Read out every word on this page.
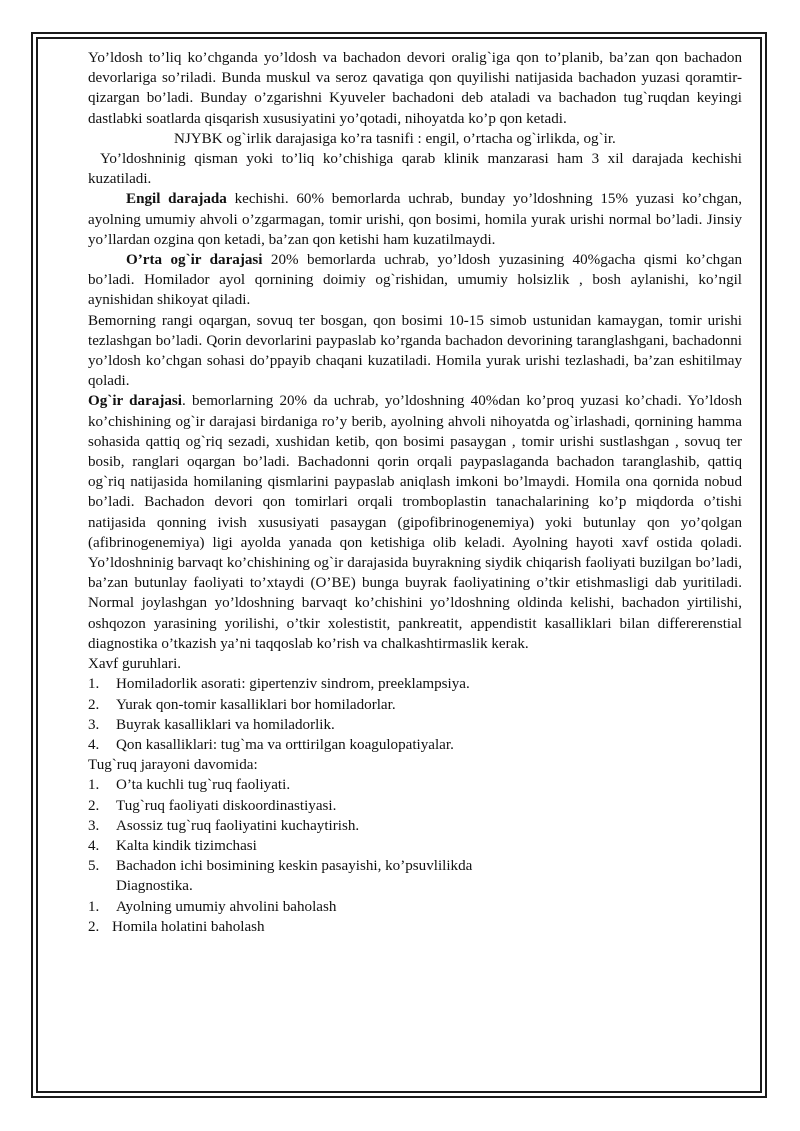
Yo’ldosh to’liq ko’chganda yo’ldosh va bachadon devori oralig`iga qon to’planib, ba’zan qon bachadon devorlariga so’riladi. Bunda muskul va seroz qavatiga qon quyilishi natijasida bachadon yuzasi qoramtir-qizargan bo’ladi. Bunday o’zgarishni Kyuveler bachadoni deb ataladi va bachadon tug`ruqdan keyingi dastlabki soatlarda qisqarish xususiyatini yo’qotadi, nihoyatda ko’p qon ketadi.

NJYBK og`irlik darajasiga ko’ra tasnifi : engil, o’rtacha og`irlikda, og`ir.

Yo’ldoshninig qisman yoki to’liq ko’chishiga qarab klinik manzarasi ham 3 xil darajada kechishi kuzatiladi.

Engil darajada kechishi. 60% bemorlarda uchrab, bunday yo’ldoshning 15% yuzasi ko’chgan, ayolning umumiy ahvoli o’zgarmagan, tomir urishi, qon bosimi, homila yurak urishi normal bo’ladi. Jinsiy yo’llardan ozgina qon ketadi, ba’zan qon ketishi ham kuzatilmaydi.

O’rta og`ir darajasi 20% bemorlarda uchrab, yo’ldosh yuzasining 40%gacha qismi ko’chgan bo’ladi. Homilador ayol qornining doimiy og`rishidan, umumiy holsizlik , bosh aylanishi, ko’ngil aynishidan shikoyat qiladi.

Bemorning rangi oqargan, sovuq ter bosgan, qon bosimi 10-15 simob ustunidan kamaygan, tomir urishi tezlashgan bo’ladi. Qorin devorlarini paypaslab ko’rganda bachadon devorining taranglashgani, bachadonni yo’ldosh ko’chgan sohasi do’ppayib chaqani kuzatiladi. Homila yurak urishi tezlashadi, ba’zan eshitilmay qoladi.

Og`ir darajasi. bemorlarning 20% da uchrab, yo’ldoshning 40%dan ko’proq yuzasi ko’chadi. Yo’ldosh ko’chishining og`ir darajasi birdaniga ro’y berib, ayolning ahvoli nihoyatda og`irlashadi, qornining hamma sohasida qattiq og`riq sezadi, xushidan ketib, qon bosimi pasaygan , tomir urishi sustlashgan , sovuq ter bosib, ranglari oqargan bo’ladi. Bachadonni qorin orqali paypaslaganda bachadon taranglashib, qattiq og`riq natijasida homilaning qismlarini paypaslab aniqlash imkoni bo’lmaydi. Homila ona qornida nobud bo’ladi. Bachadon devori qon tomirlari orqali tromboplastin tanachalarining ko’p miqdorda o’tishi natijasida qonning ivish xususiyati pasaygan (gipofibrinogenemiya) yoki butunlay qon yo’qolgan (afibrinogenemiya) ligi ayolda yanada qon ketishiga olib keladi. Ayolning hayoti xavf ostida qoladi. Yo’ldoshninig barvaqt ko’chishining og`ir darajasida buyrakning siydik chiqarish faoliyati buzilgan bo’ladi, ba’zan butunlay faoliyati to’xtaydi (O’BE) bunga buyrak faoliyatining o’tkir etishmasligi dab yuritiladi. Normal joylashgan yo’ldoshning barvaqt ko’chishini yo’ldoshning oldinda kelishi, bachadon yirtilishi, oshqozon yarasining yorilishi, o’tkir xolestistit, pankreatit, appendistit kasalliklari bilan differerenstial diagnostika o’tkazish ya’ni taqqoslab ko’rish va chalkashtirmaslik kerak.

Xavf guruhlari.

1.	Homiladorlik asorati: gipertenziv sindrom, preeklampsiya.
2.	Yurak qon-tomir kasalliklari bor homiladorlar.
3.	Buyrak kasalliklari va homiladorlik.
4.	Qon kasalliklari: tug`ma va orttirilgan koagulopatiyalar.

Tug`ruq jarayoni davomida:

1.	O’ta kuchli tug`ruq faoliyati.
2.	Tug`ruq faoliyati diskoordinastiyasi.
3.	Asossiz tug`ruq faoliyatini kuchaytirish.
4.	Kalta kindik tizimchasi
5.	Bachadon ichi bosimining keskin pasayishi, ko’psuvlilikda

Diagnostika.

1.	Ayolning umumiy ahvolini baholash
2. Homila holatini baholash
